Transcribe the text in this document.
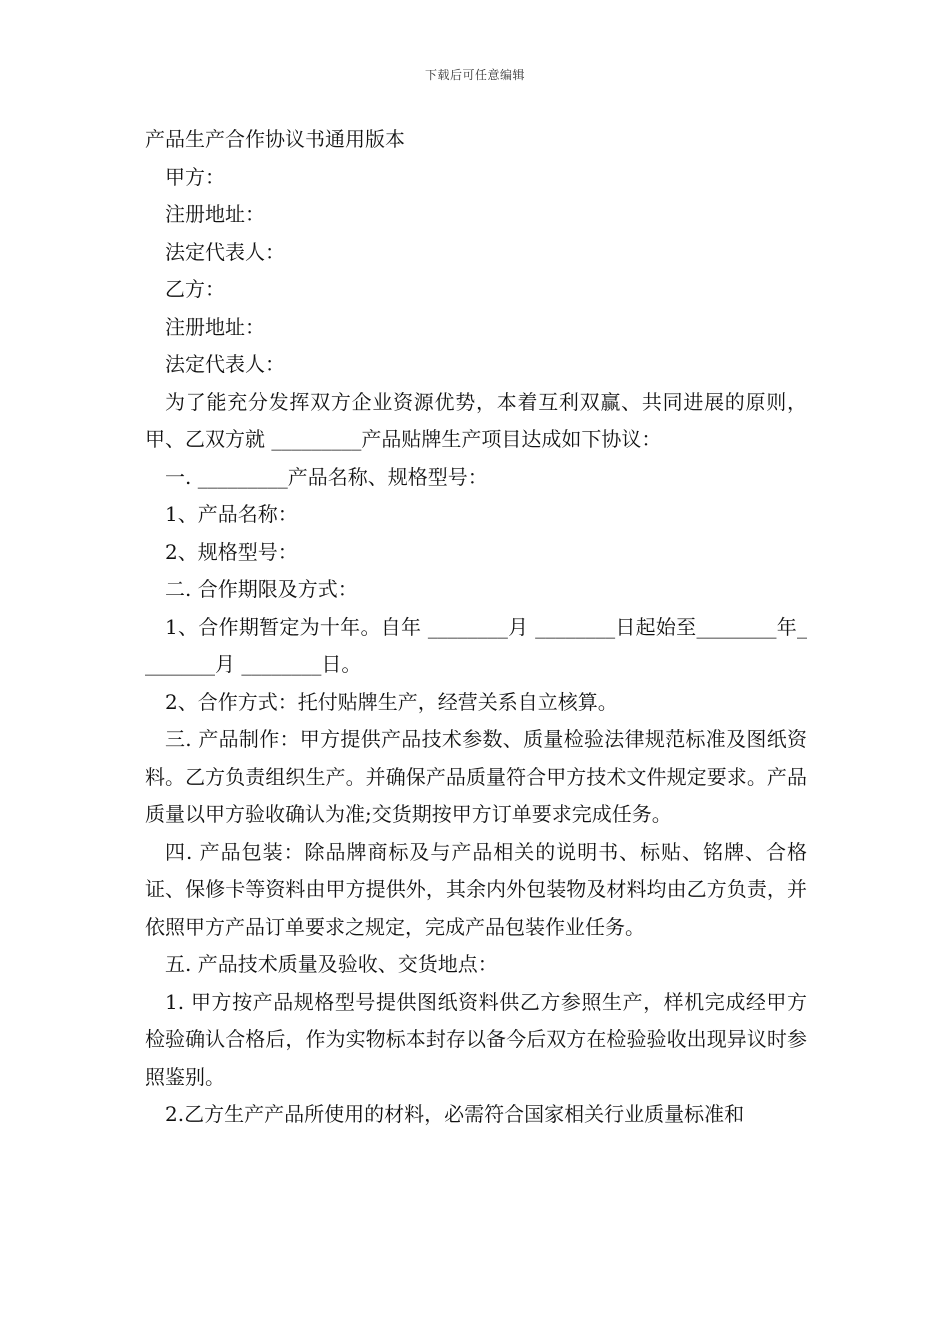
下载后可任意编辑
产品生产合作协议书通用版本
甲方：
注册地址：
法定代表人：
乙方：
注册地址：
法定代表人：
为了能充分发挥双方企业资源优势，本着互利双赢、共同进展的原则，甲、乙双方就 _________产品贴牌生产项目达成如下协议：
一. _________产品名称、规格型号：
1、产品名称：
2、规格型号：
二. 合作期限及方式：
1、合作期暂定为十年。自年 ________月 ________日起始至________年________月 ________日。
2、合作方式：托付贴牌生产，经营关系自立核算。
三. 产品制作：甲方提供产品技术参数、质量检验法律规范标准及图纸资料。乙方负责组织生产。并确保产品质量符合甲方技术文件规定要求。产品质量以甲方验收确认为准;交货期按甲方订单要求完成任务。
四. 产品包装：除品牌商标及与产品相关的说明书、标贴、铭牌、合格证、保修卡等资料由甲方提供外，其余内外包装物及材料均由乙方负责，并依照甲方产品订单要求之规定，完成产品包装作业任务。
五. 产品技术质量及验收、交货地点：
1. 甲方按产品规格型号提供图纸资料供乙方参照生产，样机完成经甲方检验确认合格后，作为实物标本封存以备今后双方在检验验收出现异议时参照鉴别。
2.乙方生产产品所使用的材料，必需符合国家相关行业质量标准和
